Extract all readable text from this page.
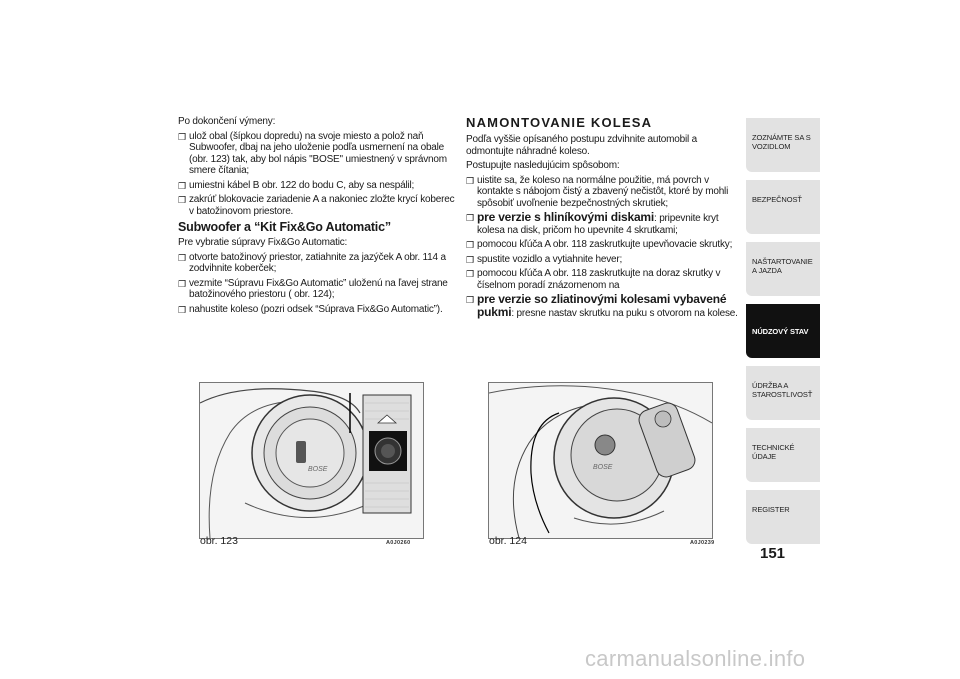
Po dokončení výmeny:

❒ ulož obal (šípkou dopredu) na svoje miesto a polož naň Subwoofer, dbaj na jeho uloženie podľa usmernení na obale (obr. 123) tak, aby bol nápis "BOSE" umiestnený v správnom smere čítania;
❒ umiestni kábel B obr. 122 do bodu C, aby sa nespálil;
❒ zakrúť blokovacie zariadenie A a nakoniec zložte krycí koberec v batožinovom priestore.
Subwoofer a “Kit Fix&Go Automatic”

Pre vybratie súpravy Fix&Go Automatic:

❒ otvorte batožinový priestor, zatiahnite za jazýček A obr. 114 a zodvihnite koberček;
❒ vezmite “Súpravu Fix&Go Automatic” uloženú na ľavej strane batožinového priestoru ( obr. 124);
❒ nahustite koleso (pozri odsek “Súprava Fix&Go Automatic”).
NAMONTOVANIE KOLESA

Podľa vyššie opísaného postupu zdvihnite automobil a odmontujte náhradné koleso.

Postupujte nasledujúcim spôsobom:

❒ uistite sa, že koleso na normálne použitie, má povrch v kontakte s nábojom čistý a zbavený nečistôt, ktoré by mohli spôsobiť uvoľnenie bezpečnostných skrutiek;
❒ pre verzie s hliníkovými diskami: pripevnite kryt kolesa na disk, pričom ho upevnite 4 skrutkami;
❒ pomocou kľúča A obr. 118 zaskrutkujte upevňovacie skrutky;
❒ spustite vozidlo a vytiahnite hever;
❒ pomocou kľúča A obr. 118 zaskrutkujte na doraz skrutky v číselnom poradí znázornenom na
❒ pre verzie so zliatinovými kolesami vybavené pukmi: presne nastav skrutku na puku s otvorom na kolese.
BOSE
obr. 123	A0J0260
BOSE
obr. 124	A0J0239
ZOZNÁMTE SA S VOZIDLOM
BEZPEČNOSŤ
NAŠTARTOVANIE A JAZDA
NÚDZOVÝ STAV
ÚDRŽBA A STAROSTLIVOSŤ
TECHNICKÉ ÚDAJE
REGISTER
151
carmanualsonline.info
